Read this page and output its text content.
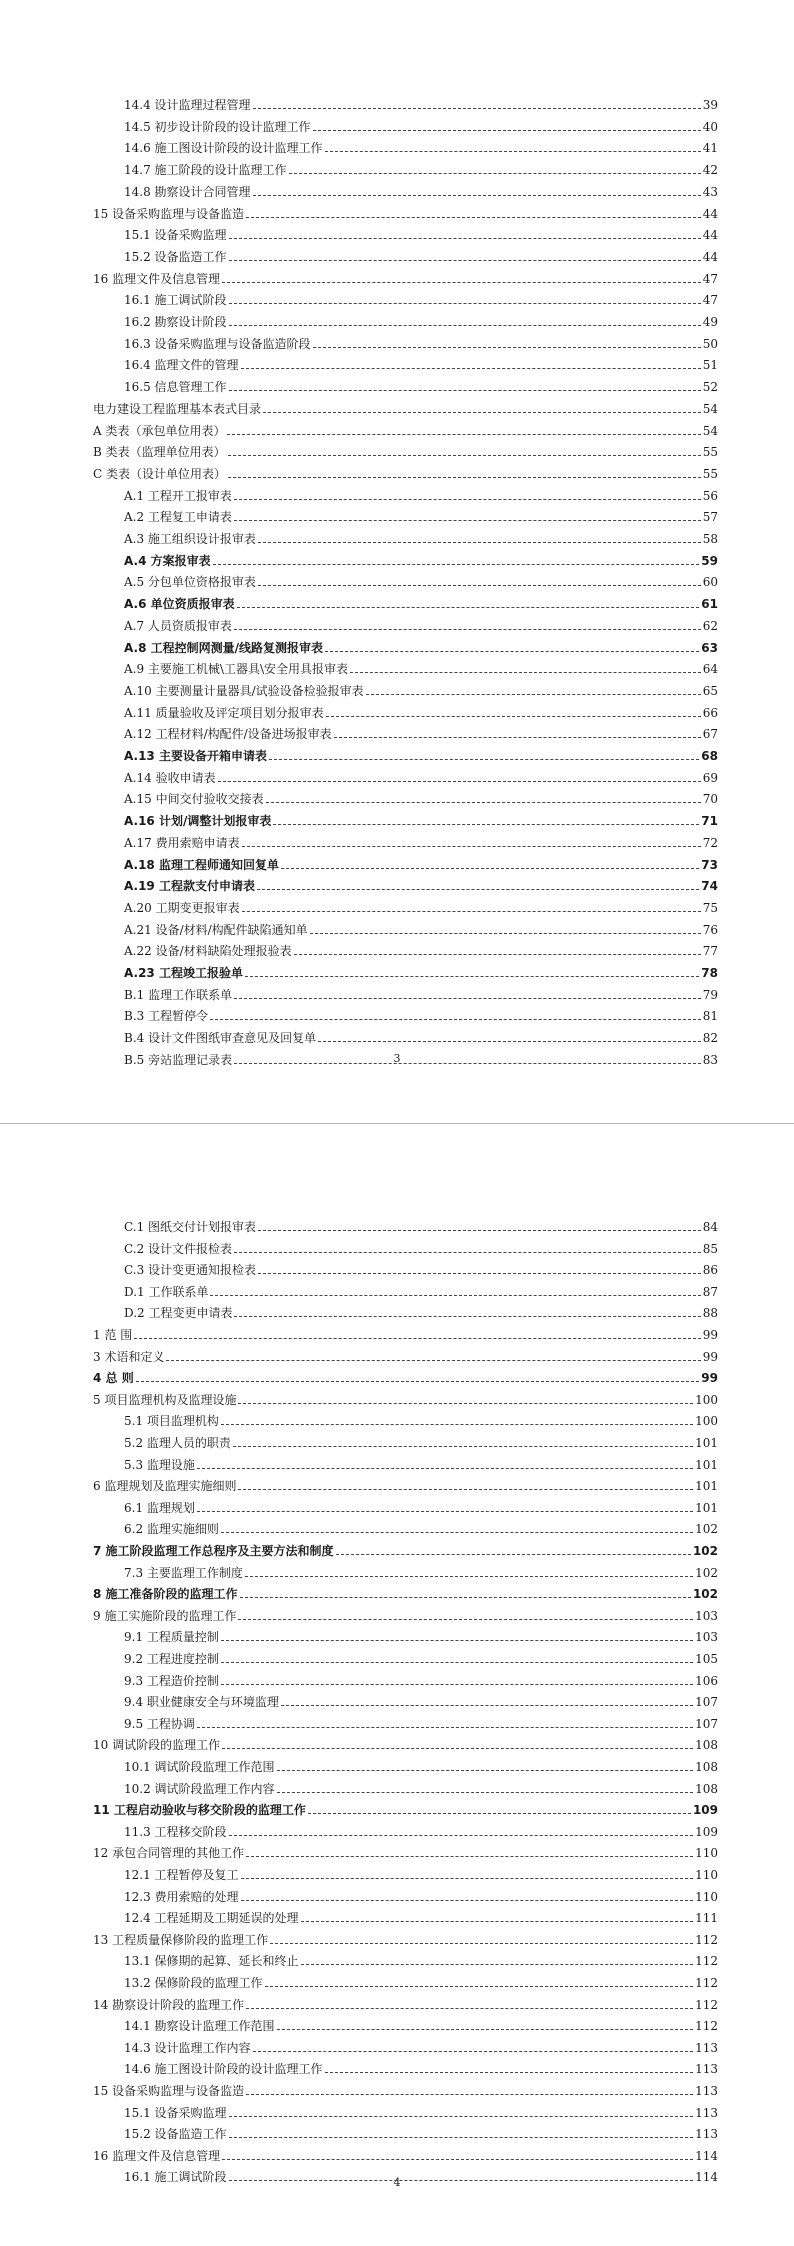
14.4 设计监理过程管理	39
14.5 初步设计阶段的设计监理工作	40
14.6 施工图设计阶段的设计监理工作	41
14.7 施工阶段的设计监理工作	42
14.8 勘察设计合同管理	43
15 设备采购监理与设备监造	44
15.1 设备采购监理	44
15.2 设备监造工作	44
16 监理文件及信息管理	47
16.1 施工调试阶段	47
16.2 勘察设计阶段	49
16.3 设备采购监理与设备监造阶段	50
16.4 监理文件的管理	51
16.5 信息管理工作	52
电力建设工程监理基本表式目录	54
A 类表（承包单位用表）	54
B 类表（监理单位用表）	55
C 类表（设计单位用表）	55
A.1 工程开工报审表	56
A.2 工程复工申请表	57
A.3 施工组织设计报审表	58
A.4 方案报审表	59
A.5 分包单位资格报审表	60
A.6 单位资质报审表	61
A.7 人员资质报审表	62
A.8 工程控制网测量/线路复测报审表	63
A.9 主要施工机械\工器具\安全用具报审表	64
A.10 主要测量计量器具/试验设备检验报审表	65
A.11 质量验收及评定项目划分报审表	66
A.12 工程材料/构配件/设备进场报审表	67
A.13 主要设备开箱申请表	68
A.14 验收申请表	69
A.15 中间交付验收交接表	70
A.16 计划/调整计划报审表	71
A.17 费用索赔申请表	72
A.18 监理工程师通知回复单	73
A.19 工程款支付申请表	74
A.20 工期变更报审表	75
A.21 设备/材料/构配件缺陷通知单	76
A.22 设备/材料缺陷处理报验表	77
A.23 工程竣工报验单	78
B.1 监理工作联系单	79
B.3 工程暂停令	81
B.4 设计文件图纸审查意见及回复单	82
B.5 旁站监理记录表	83
3
C.1 图纸交付计划报审表	84
C.2 设计文件报检表	85
C.3 设计变更通知报检表	86
D.1 工作联系单	87
D.2 工程变更申请表	88
1 范 围	99
3 术语和定义	99
4 总 则	99
5 项目监理机构及监理设施	100
5.1 项目监理机构	100
5.2 监理人员的职责	101
5.3 监理设施	101
6 监理规划及监理实施细则	101
6.1 监理规划	101
6.2 监理实施细则	102
7 施工阶段监理工作总程序及主要方法和制度	102
7.3 主要监理工作制度	102
8 施工准备阶段的监理工作	102
9 施工实施阶段的监理工作	103
9.1 工程质量控制	103
9.2 工程进度控制	105
9.3 工程造价控制	106
9.4 职业健康安全与环境监理	107
9.5 工程协调	107
10 调试阶段的监理工作	108
10.1 调试阶段监理工作范围	108
10.2 调试阶段监理工作内容	108
11 工程启动验收与移交阶段的监理工作	109
11.3 工程移交阶段	109
12 承包合同管理的其他工作	110
12.1 工程暂停及复工	110
12.3 费用索赔的处理	110
12.4 工程延期及工期延误的处理	111
13 工程质量保修阶段的监理工作	112
13.1 保修期的起算、延长和终止	112
13.2 保修阶段的监理工作	112
14 勘察设计阶段的监理工作	112
14.1 勘察设计监理工作范围	112
14.3 设计监理工作内容	113
14.6 施工图设计阶段的设计监理工作	113
15 设备采购监理与设备监造	113
15.1 设备采购监理	113
15.2 设备监造工作	113
16 监理文件及信息管理	114
16.1 施工调试阶段	114
4
